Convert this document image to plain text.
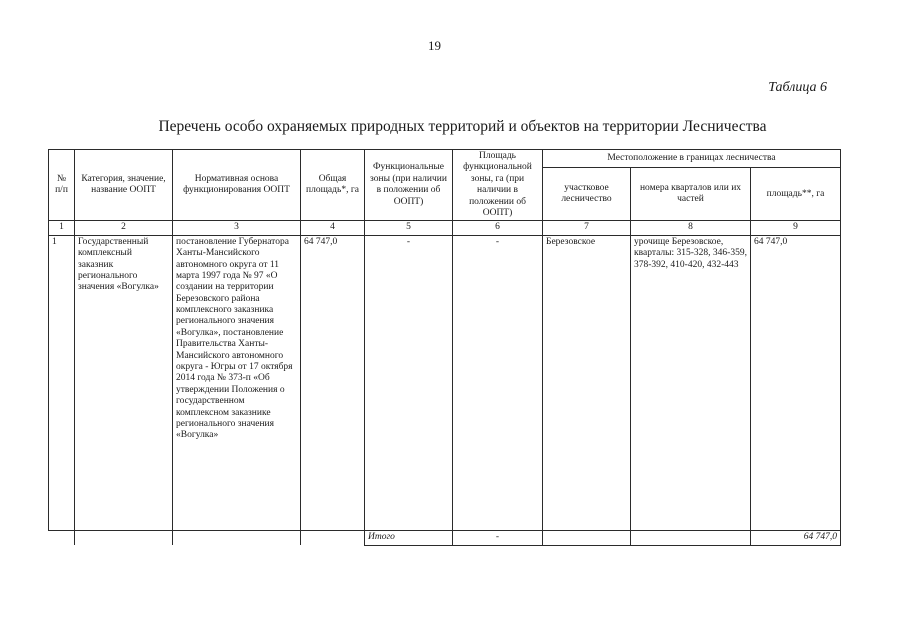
19
Таблица 6
Перечень особо охраняемых природных территорий и объектов на территории Лесничества
№ п/п	Категория, значение, название ООПТ	Нормативная основа функционирования ООПТ	Общая площадь*, га	Функциональные зоны (при наличии в положении об ООПТ)	Площадь функциональной зоны, га (при наличии в положении об ООПТ)	Местоположение в границах лесничества		
						участковое лесничество	номера кварталов или их частей	площадь**, га
1	2	3	4	5	6	7	8	9
1	Государственный комплексный заказник регионального значения «Вогулка»	постановление Губернатора Ханты-Мансийского автономного округа от 11 марта 1997 года № 97 «О создании на территории Березовского района комплексного заказника регионального значения «Вогулка», постановление Правительства Ханты-Мансийского автономного округа - Югры от 17 октября 2014 года № 373-п «Об утверждении Положения о государственном комплексном заказнике регионального значения «Вогулка»	64 747,0	-	-	Березовское	урочище Березовское, кварталы: 315-328, 346-359, 378-392, 410-420, 432-443	64 747,0
				Итого	-			64 747,0
